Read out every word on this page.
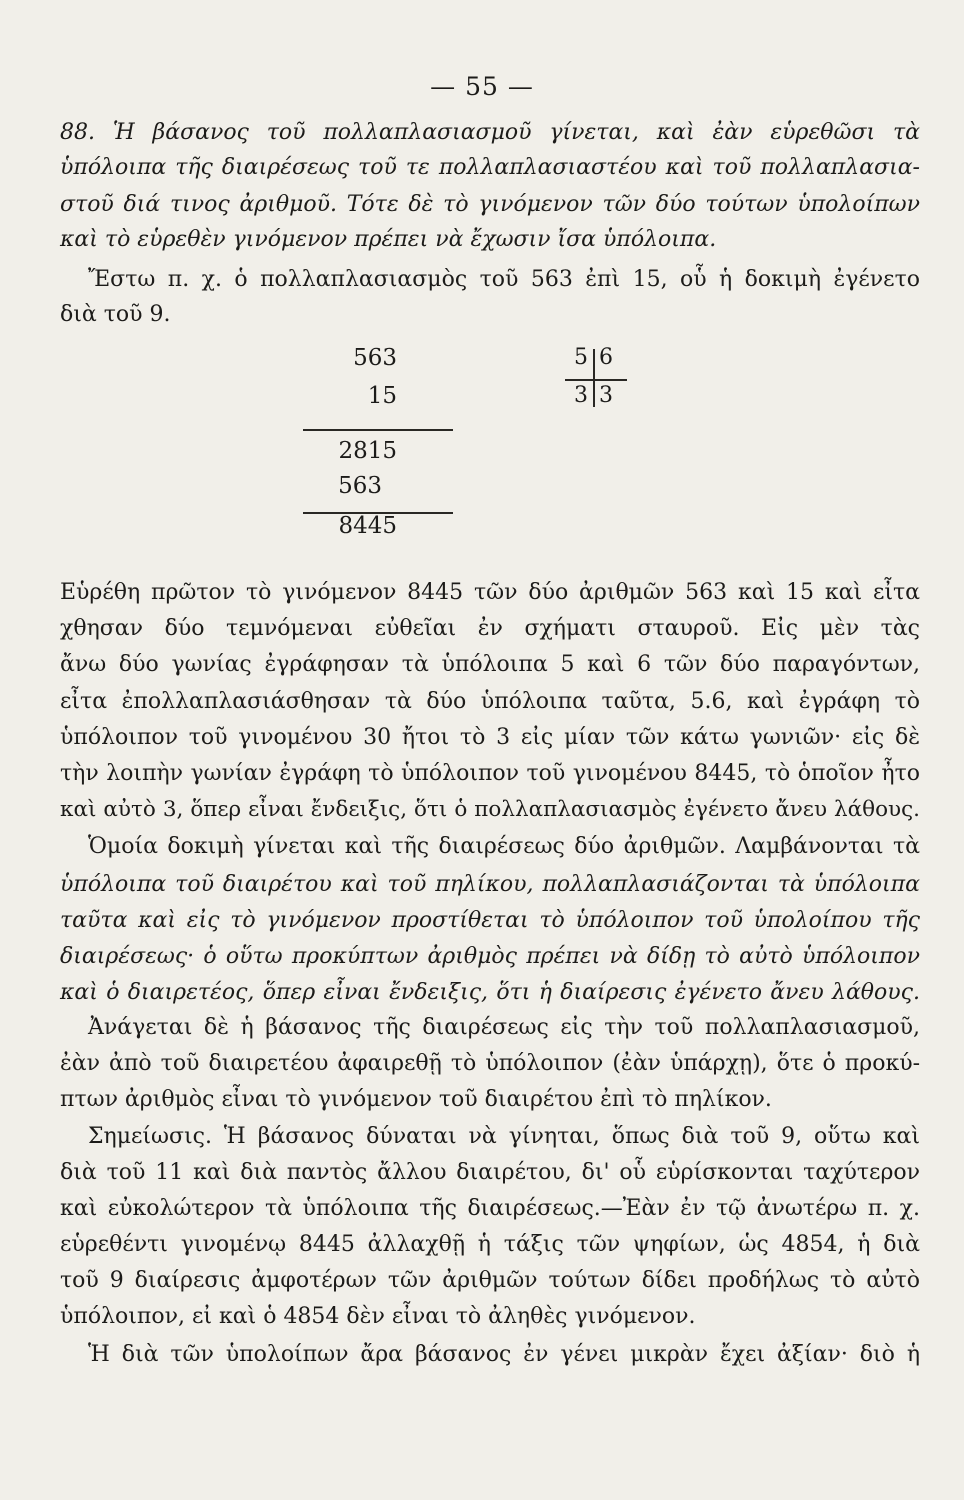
— 55 —
88. Ἡ βάσανος τοῦ πολλαπλασιασμοῦ γίνεται, καὶ ἐὰν εὑρεθῶσι τὰ
ὑπόλοιπα τῆς διαιρέσεως τοῦ τε πολλαπλασιαστέου καὶ τοῦ πολλαπλασια-
στοῦ διά τινος ἀριθμοῦ. Τότε δὲ τὸ γινόμενον τῶν δύο τούτων ὑπολοίπων
καὶ τὸ εὑρεθὲν γινόμενον πρέπει νὰ ἔχωσιν ἴσα ὑπόλοιπα.
Ἔστω π. χ. ὁ πολλαπλασιασμὸς τοῦ 563 ἐπὶ 15, οὗ ἡ δοκιμὴ ἐγένετο
διὰ τοῦ 9.
Εὑρέθη πρῶτον τὸ γινόμενον 8445 τῶν δύο ἀριθμῶν 563 καὶ 15 καὶ εἶτα
χθησαν δύο τεμνόμεναι εὐθεῖαι ἐν σχήματι σταυροῦ. Εἰς μὲν τὰς
ἄνω δύο γωνίας ἐγράφησαν τὰ ὑπόλοιπα 5 καὶ 6 τῶν δύο παραγόντων,
εἶτα ἐπολλαπλασιάσθησαν τὰ δύο ὑπόλοιπα ταῦτα, 5.6, καὶ ἐγράφη τὸ
ὑπόλοιπον τοῦ γινομένου 30 ἤτοι τὸ 3 εἰς μίαν τῶν κάτω γωνιῶν· εἰς δὲ
τὴν λοιπὴν γωνίαν ἐγράφη τὸ ὑπόλοιπον τοῦ γινομένου 8445, τὸ ὁποῖον ἦτο
καὶ αὐτὸ 3, ὅπερ εἶναι ἔνδειξις, ὅτι ὁ πολλαπλασιασμὸς ἐγένετο ἄνευ λάθους.
Ὁμοία δοκιμὴ γίνεται καὶ τῆς διαιρέσεως δύο ἀριθμῶν. Λαμβάνονται τὰ
ὑπόλοιπα τοῦ διαιρέτου καὶ τοῦ πηλίκου, πολλαπλασιάζονται τὰ ὑπόλοιπα
ταῦτα καὶ εἰς τὸ γινόμενον προστίθεται τὸ ὑπόλοιπον τοῦ ὑπολοίπου τῆς
διαιρέσεως· ὁ οὕτω προκύπτων ἀριθμὸς πρέπει νὰ δίδῃ τὸ αὐτὸ ὑπόλοιπον
καὶ ὁ διαιρετέος, ὅπερ εἶναι ἔνδειξις, ὅτι ἡ διαίρεσις ἐγένετο ἄνευ λάθους.
Ἀνάγεται δὲ ἡ βάσανος τῆς διαιρέσεως εἰς τὴν τοῦ πολλαπλασιασμοῦ,
ἐὰν ἀπὸ τοῦ διαιρετέου ἀφαιρεθῇ τὸ ὑπόλοιπον (ἐὰν ὑπάρχῃ), ὅτε ὁ προκύ-
πτων ἀριθμὸς εἶναι τὸ γινόμενον τοῦ διαιρέτου ἐπὶ τὸ πηλίκον.
Σημείωσις. Ἡ βάσανος δύναται νὰ γίνηται, ὅπως διὰ τοῦ 9, οὕτω καὶ
διὰ τοῦ 11 καὶ διὰ παντὸς ἄλλου διαιρέτου, δι' οὗ εὑρίσκονται ταχύτερον
καὶ εὐκολώτερον τὰ ὑπόλοιπα τῆς διαιρέσεως.—Ἐὰν ἐν τῷ ἀνωτέρω π. χ.
εὑρεθέντι γινομένῳ 8445 ἀλλαχθῇ ἡ τάξις τῶν ψηφίων, ὡς 4854, ἡ διὰ
τοῦ 9 διαίρεσις ἀμφοτέρων τῶν ἀριθμῶν τούτων δίδει προδήλως τὸ αὐτὸ
ὑπόλοιπον, εἰ καὶ ὁ 4854 δὲν εἶναι τὸ ἀληθὲς γινόμενον.
Ἡ διὰ τῶν ὑπολοίπων ἄρα βάσανος ἐν γένει μικρὰν ἔχει ἀξίαν· διὸ ἡ
563
15
2815
563
8445
5 6
3 3
